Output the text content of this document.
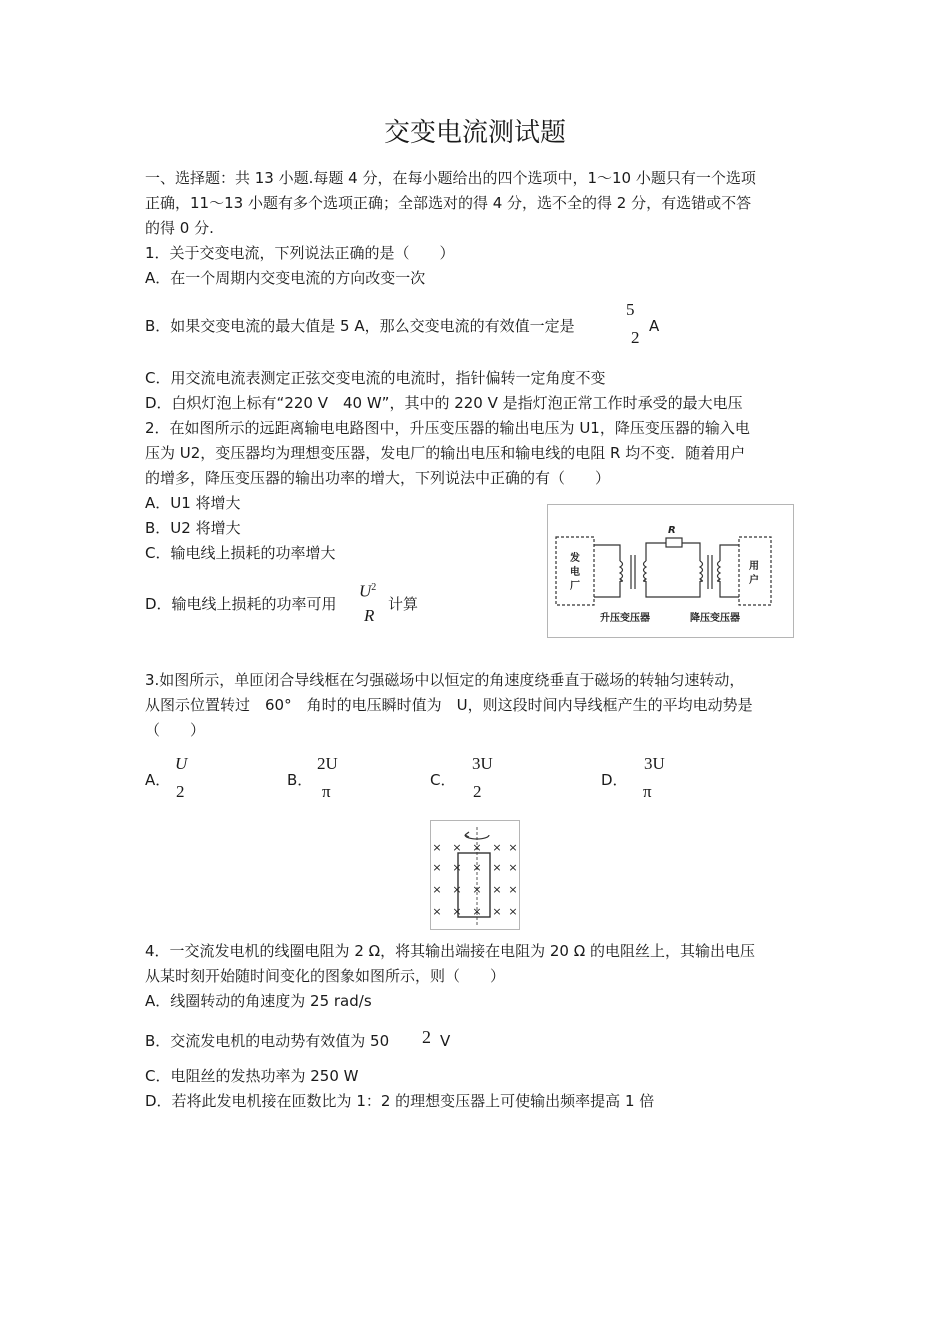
交变电流测试题
一、选择题：共 13 小题.每题 4 分，在每小题给出的四个选项中，1～10 小题只有一个选项
正确，11～13 小题有多个选项正确；全部选对的得 4 分，选不全的得 2 分，有选错或不答
的得 0 分.
1．关于交变电流，下列说法正确的是（　　）
A．在一个周期内交变电流的方向改变一次
B．如果交变电流的最大值是 5 A，那么交变电流的有效值一定是
5
2
A
C．用交流电流表测定正弦交变电流的电流时，指针偏转一定角度不变
D．白炽灯泡上标有“220 V　40 W”，其中的 220 V 是指灯泡正常工作时承受的最大电压
2．在如图所示的远距离输电电路图中，升压变压器的输出电压为 U1，降压变压器的输入电
压为 U2，变压器均为理想变压器，发电厂的输出电压和输电线的电阻 R 均不变．随着用户
的增多，降压变压器的输出功率的增大，下列说法中正确的有（　　）
A．U1 将增大
B．U2 将增大
C．输电线上损耗的功率增大
D．输电线上损耗的功率可用
$U^2$
R
计算
发
电
厂
用
户
R
升压变压器	降压变压器
3.如图所示，单匝闭合导线框在匀强磁场中以恒定的角速度绕垂直于磁场的转轴匀速转动，
从图示位置转过　60°　角时的电压瞬时值为　U，则这段时间内导线框产生的平均电动势是
（　　）
A．
U
2
B．
2U
π
C．
3U
2
D．
3U
π
× × × × ×
× × × × ×
× × × × ×
× × × × ×
4．一交流发电机的线圈电阻为 2 Ω，将其输出端接在电阻为 20 Ω 的电阻丝上，其输出电压
从某时刻开始随时间变化的图象如图所示，则（　　）
A．线圈转动的角速度为 25 rad/s
B．交流发电机的电动势有效值为 50 2 V
C．电阻丝的发热功率为 250 W
D．若将此发电机接在匝数比为 1：2 的理想变压器上可使输出频率提高 1 倍
